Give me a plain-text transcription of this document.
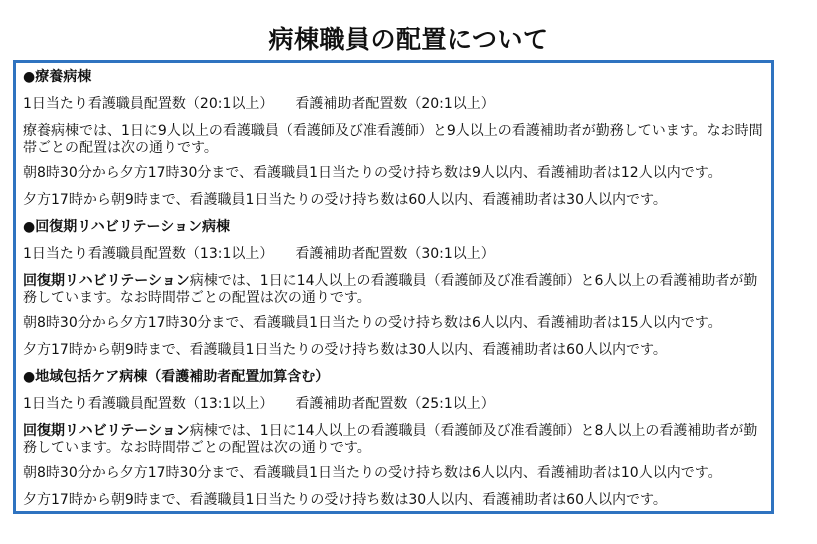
病棟職員の配置について
●療養病棟
1日当たり看護職員配置数（20:1以上） 看護補助者配置数（20:1以上）
療養病棟では、1日に9人以上の看護職員（看護師及び准看護師）と9人以上の看護補助者が勤務しています。なお時間帯ごとの配置は次の通りです。
朝8時30分から夕方17時30分まで、看護職員1日当たりの受け持ち数は9人以内、看護補助者は12人以内です。
夕方17時から朝9時まで、看護職員1日当たりの受け持ち数は60人以内、看護補助者は30人以内です。
●回復期リハビリテーション病棟
1日当たり看護職員配置数（13:1以上） 看護補助者配置数（30:1以上）
回復期リハビリテーション病棟では、1日に14人以上の看護職員（看護師及び准看護師）と6人以上の看護補助者が勤務しています。なお時間帯ごとの配置は次の通りです。
朝8時30分から夕方17時30分まで、看護職員1日当たりの受け持ち数は6人以内、看護補助者は15人以内です。
夕方17時から朝9時まで、看護職員1日当たりの受け持ち数は30人以内、看護補助者は60人以内です。
●地域包括ケア病棟（看護補助者配置加算含む）
1日当たり看護職員配置数（13:1以上） 看護補助者配置数（25:1以上）
回復期リハビリテーション病棟では、1日に14人以上の看護職員（看護師及び准看護師）と8人以上の看護補助者が勤務しています。なお時間帯ごとの配置は次の通りです。
朝8時30分から夕方17時30分まで、看護職員1日当たりの受け持ち数は6人以内、看護補助者は10人以内です。
夕方17時から朝9時まで、看護職員1日当たりの受け持ち数は30人以内、看護補助者は60人以内です。
